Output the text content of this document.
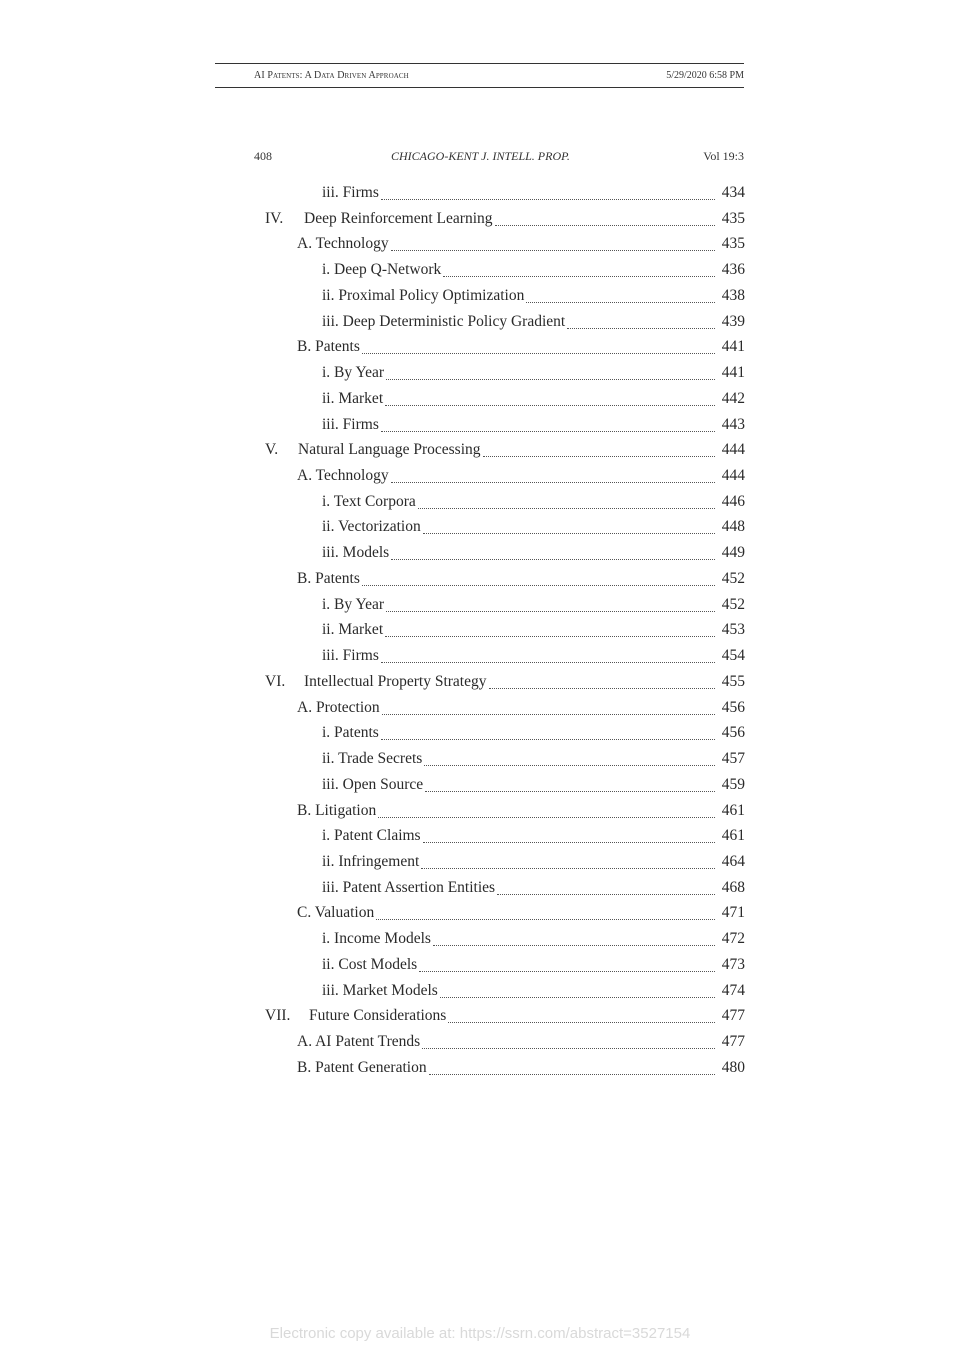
AI Patents: A Data Driven Approach	5/29/2020 6:58 PM
408	CHICAGO-KENT J. INTELL. PROP.	Vol 19:3
iii. Firms	434
IV.	Deep Reinforcement Learning	435
A. Technology	435
i. Deep Q-Network	436
ii. Proximal Policy Optimization	438
iii. Deep Deterministic Policy Gradient	439
B. Patents	441
i. By Year	441
ii. Market	442
iii. Firms	443
V.	Natural Language Processing	444
A. Technology	444
i. Text Corpora	446
ii. Vectorization	448
iii. Models	449
B. Patents	452
i. By Year	452
ii. Market	453
iii. Firms	454
VI.	Intellectual Property Strategy	455
A. Protection	456
i. Patents	456
ii. Trade Secrets	457
iii. Open Source	459
B. Litigation	461
i. Patent Claims	461
ii. Infringement	464
iii. Patent Assertion Entities	468
C. Valuation	471
i. Income Models	472
ii. Cost Models	473
iii. Market Models	474
VII.	Future Considerations	477
A. AI Patent Trends	477
B. Patent Generation	480
Electronic copy available at: https://ssrn.com/abstract=3527154
